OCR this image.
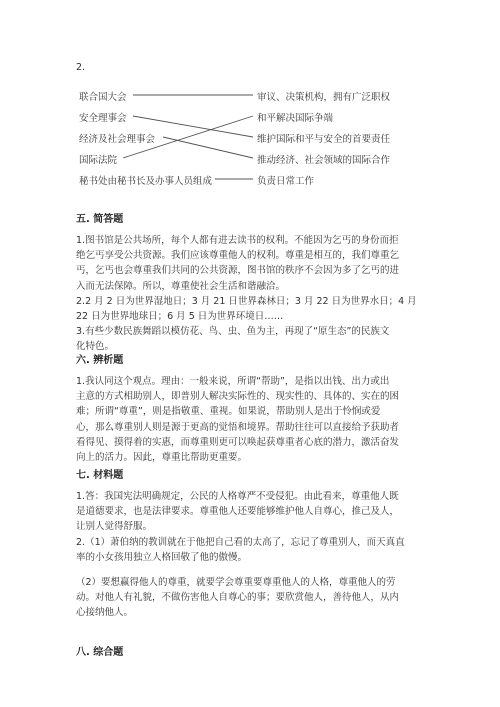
2.
联合国大会
安全理事会
经济及社会理事会
国际法院
秘书处由秘书长及办事人员组成
审议、决策机构，拥有广泛职权
和平解决国际争端
维护国际和平与安全的首要责任
推动经济、社会领域的国际合作
负责日常工作
五. 简答题

1.图书馆是公共场所，每个人都有进去读书的权利。不能因为乞丐的身份而拒

绝乞丐享受公共资源。我们应该尊重他人的权利。尊重是相互的，我们尊重乞

丐，乞丐也会尊重我们共同的公共资源，图书馆的秩序不会因为多了乞丐的进

入而无法保障。所以，尊重使社会生活和谐融洽。

2.2 月 2 日为世界湿地日；3 月 21 日世界森林日；3 月 22 日为世界水日；4 月

22 日为世界地球日；6 月 5 日为世界环境日……

3.有些少数民族舞蹈以模仿花、鸟、虫、鱼为主，再现了“原生态”的民族文

化特色。

六. 辨析题

1.我认同这个观点。理由：一般来说，所谓“帮助”，是指以出钱、出力或出

主意的方式相助别人，即普别人解决实际性的、现实性的、具体的、实在的困

难；所谓“尊重”，则是指敬重、重视。如果说，帮助别人是出于怜悯或爱

心，那么尊重别人则是源于更高的觉悟和境界。帮助往往可以直接给予获助者

看得见、摸得着的实惠，而尊重则更可以唤起获尊重者心底的潜力，激活奋发

向上的活力。因此，尊重比帮助更重要。

七. 材料题

1.答：我国宪法明确规定，公民的人格尊严不受侵犯。由此看来，尊重他人既

是道德要求，也是法律要求。尊重他人还要能够维护他人自尊心，推己及人，

让别人觉得舒服。

2.（1）萧伯纳的教训就在于他把自己看的太高了，忘记了尊重别人，而天真直

率的小女孩用独立人格回敬了他的傲慢。

（2）要想赢得他人的尊重，就要学会尊重要尊重他人的人格，尊重他人的劳

动。对他人有礼貌，不做伤害他人自尊心的事；要欣赏他人，善待他人，从内

心接纳他人。

八. 综合题
